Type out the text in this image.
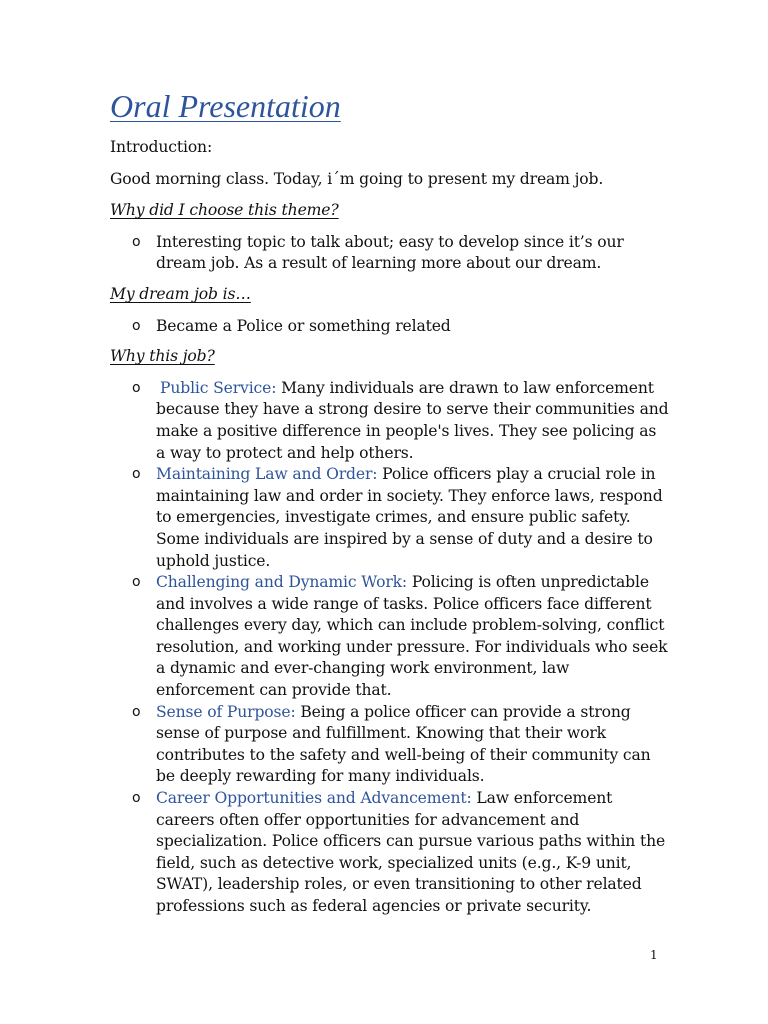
Oral Presentation

Introduction:

Good morning class. Today, i´m going to present my dream job.

Why did I choose this theme?

o Interesting topic to talk about; easy to develop since it’s our dream job. As a result of learning more about our dream.

My dream job is…

o Became a Police or something related

Why this job?

o Public Service: Many individuals are drawn to law enforcement because they have a strong desire to serve their communities and make a positive difference in people's lives. They see policing as a way to protect and help others.
o Maintaining Law and Order: Police officers play a crucial role in maintaining law and order in society. They enforce laws, respond to emergencies, investigate crimes, and ensure public safety. Some individuals are inspired by a sense of duty and a desire to uphold justice.
o Challenging and Dynamic Work: Policing is often unpredictable and involves a wide range of tasks. Police officers face different challenges every day, which can include problem-solving, conflict resolution, and working under pressure. For individuals who seek a dynamic and ever-changing work environment, law enforcement can provide that.
o Sense of Purpose: Being a police officer can provide a strong sense of purpose and fulfillment. Knowing that their work contributes to the safety and well-being of their community can be deeply rewarding for many individuals.
o Career Opportunities and Advancement: Law enforcement careers often offer opportunities for advancement and specialization. Police officers can pursue various paths within the field, such as detective work, specialized units (e.g., K-9 unit, SWAT), leadership roles, or even transitioning to other related professions such as federal agencies or private security.
1
